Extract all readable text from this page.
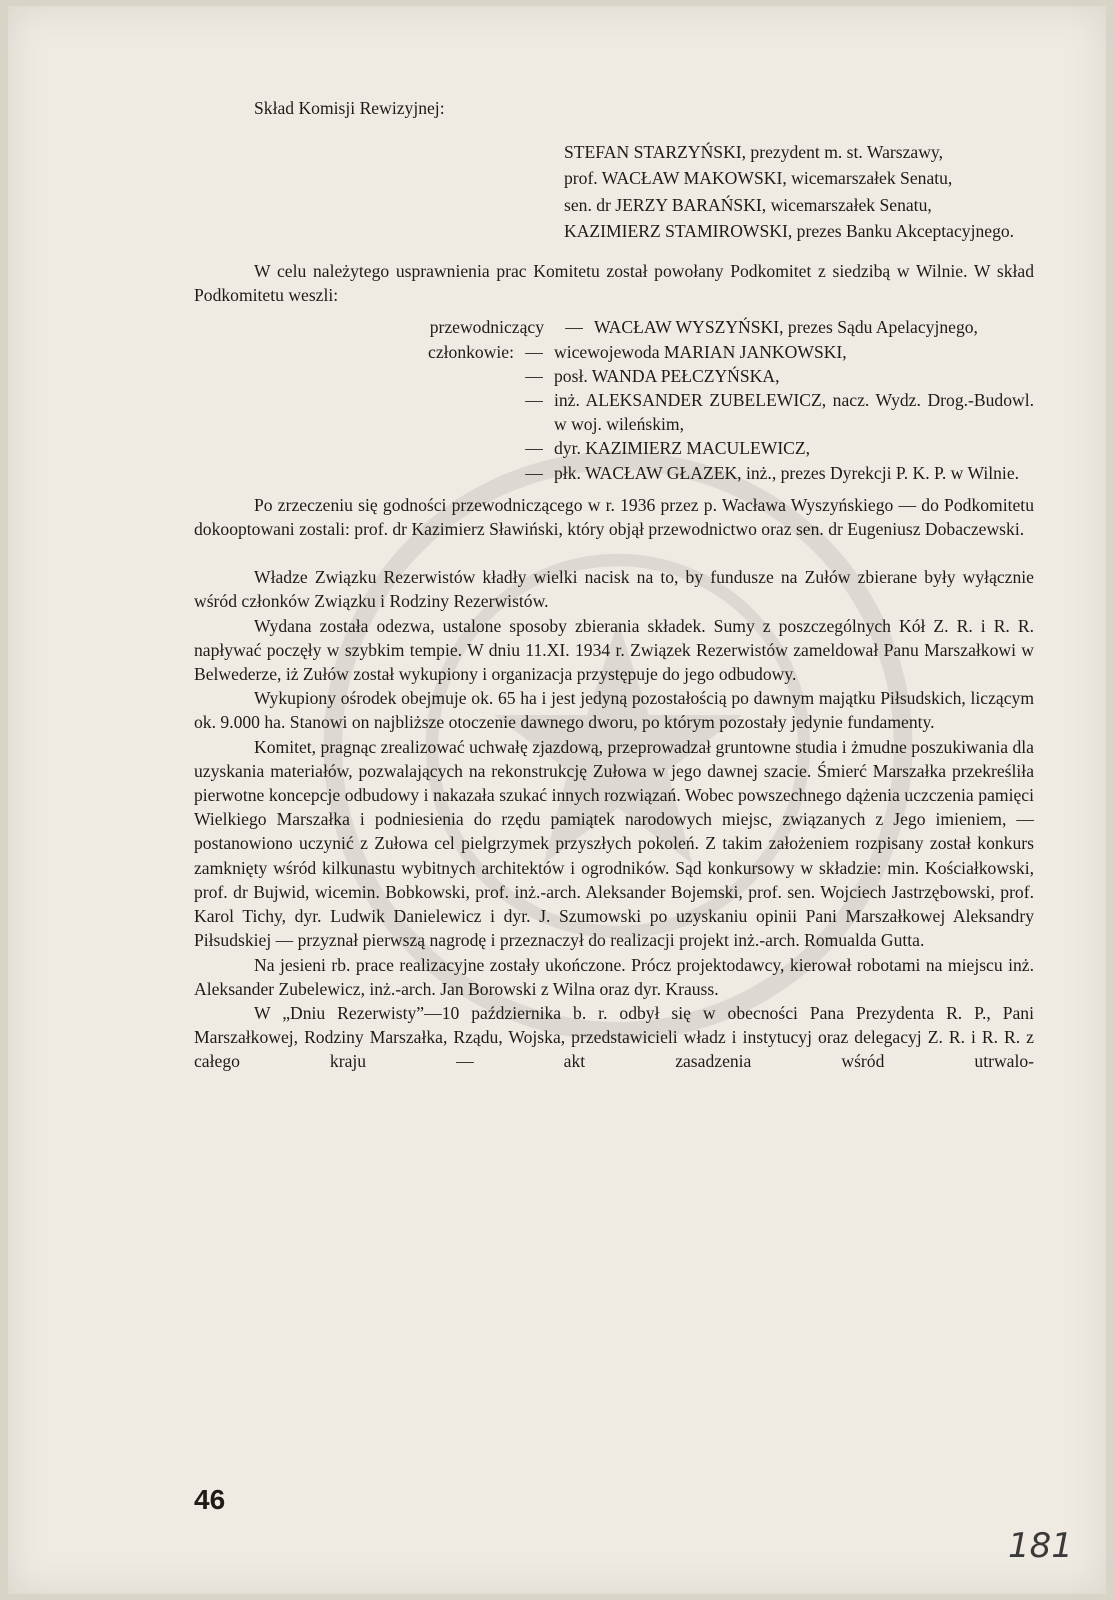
Skład Komisji Rewizyjnej:

STEFAN STARZYŃSKI, prezydent m. st. Warszawy,

prof. WACŁAW MAKOWSKI, wicemarszałek Senatu,

sen. dr JERZY BARAŃSKI, wicemarszałek Senatu,

KAZIMIERZ STAMIROWSKI, prezes Banku Akceptacyjnego.

W celu należytego usprawnienia prac Komitetu został powołany Podkomitet z siedzibą w Wilnie. W skład Podkomitetu weszli:

przewodniczący	— WACŁAW WYSZYŃSKI, prezes Sądu Apelacyjnego,
członkowie: — wicewojewoda MARIAN JANKOWSKI,
— posł. WANDA PEŁCZYŃSKA,
— inż. ALEKSANDER ZUBELEWICZ, nacz. Wydz. Drog.-Budowl. w woj. wileńskim,
— dyr. KAZIMIERZ MACULEWICZ,
— płk. WACŁAW GŁAZEK, inż., prezes Dyrekcji P. K. P. w Wilnie.

Po zrzeczeniu się godności przewodniczącego w r. 1936 przez p. Wacława Wyszyńskiego — do Podkomitetu dokooptowani zostali: prof. dr Kazimierz Sławiński, który objął przewodnictwo oraz sen. dr Eugeniusz Dobaczewski.

Władze Związku Rezerwistów kładły wielki nacisk na to, by fundusze na Zułów zbierane były wyłącznie wśród członków Związku i Rodziny Rezerwistów.

Wydana została odezwa, ustalone sposoby zbierania składek. Sumy z poszczególnych Kół Z. R. i R. R. napływać poczęły w szybkim tempie. W dniu 11.XI. 1934 r. Związek Rezerwistów zameldował Panu Marszałkowi w Belwederze, iż Zułów został wykupiony i organizacja przystępuje do jego odbudowy.

Wykupiony ośrodek obejmuje ok. 65 ha i jest jedyną pozostałością po dawnym majątku Piłsudskich, liczącym ok. 9.000 ha. Stanowi on najbliższe otoczenie dawnego dworu, po którym pozostały jedynie fundamenty.

Komitet, pragnąc zrealizować uchwałę zjazdową, przeprowadzał gruntowne studia i żmudne poszukiwania dla uzyskania materiałów, pozwalających na rekonstrukcję Zułowa w jego dawnej szacie. Śmierć Marszałka przekreśliła pierwotne koncepcje odbudowy i nakazała szukać innych rozwiązań. Wobec powszechnego dążenia uczczenia pamięci Wielkiego Marszałka i podniesienia do rzędu pamiątek narodowych miejsc, związanych z Jego imieniem, — postanowiono uczynić z Zułowa cel pielgrzymek przyszłych pokoleń. Z takim założeniem rozpisany został konkurs zamknięty wśród kilkunastu wybitnych architektów i ogrodników. Sąd konkursowy w składzie: min. Kościałkowski, prof. dr Bujwid, wicemin. Bobkowski, prof. inż.-arch. Aleksander Bojemski, prof. sen. Wojciech Jastrzębowski, prof. Karol Tichy, dyr. Ludwik Danielewicz i dyr. J. Szumowski po uzyskaniu opinii Pani Marszałkowej Aleksandry Piłsudskiej — przyznał pierwszą nagrodę i przeznaczył do realizacji projekt inż.-arch. Romualda Gutta.

Na jesieni rb. prace realizacyjne zostały ukończone. Prócz projektodawcy, kierował robotami na miejscu inż. Aleksander Zubelewicz, inż.-arch. Jan Borowski z Wilna oraz dyr. Krauss.

W „Dniu Rezerwisty”—10 października b. r. odbył się w obecności Pana Prezydenta R. P., Pani Marszałkowej, Rodziny Marszałka, Rządu, Wojska, przedstawicieli władz i instytucyj oraz delegacyj Z. R. i R. R. z całego kraju — akt zasadzenia wśród utrwalo-

46
181
